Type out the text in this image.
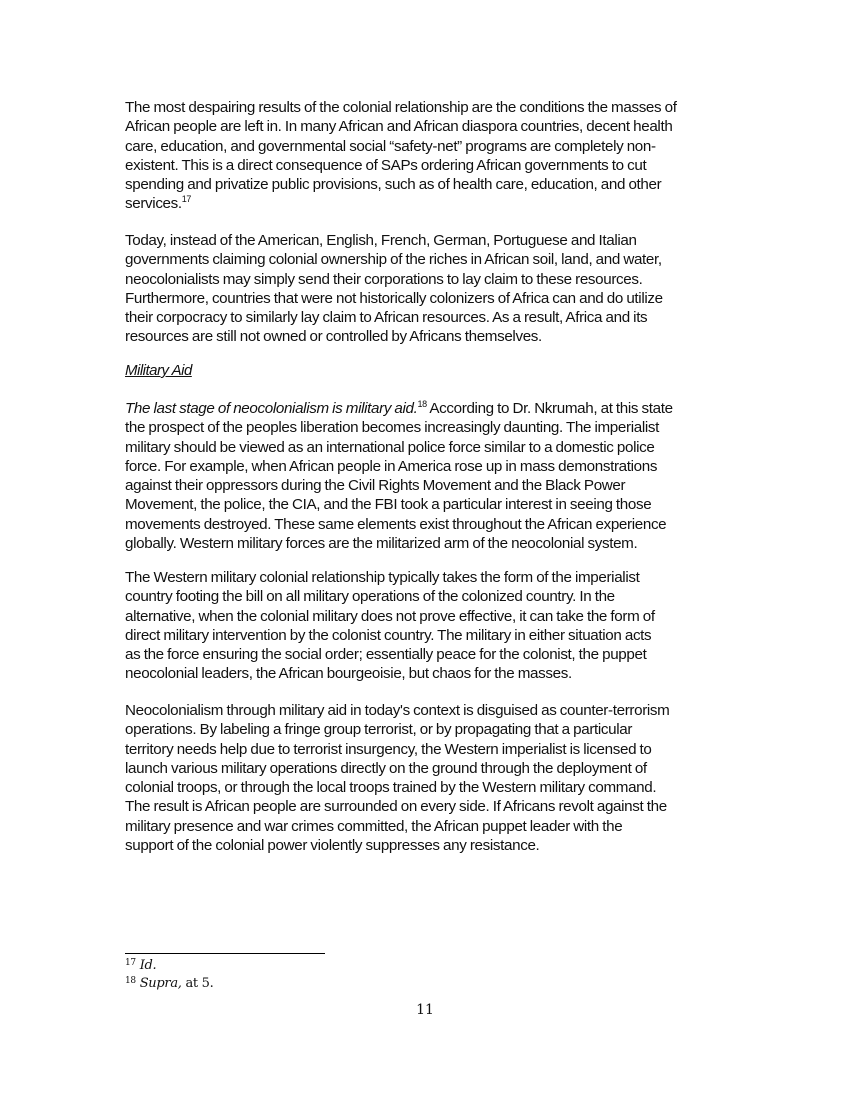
The most despairing results of the colonial relationship are the conditions the masses of
African people are left in. In many African and African diaspora countries, decent health
care, education, and governmental social “safety-net” programs are completely non-
existent. This is a direct consequence of SAPs ordering African governments to cut
spending and privatize public provisions, such as of health care, education, and other
services.$^{17}$
Today, instead of the American, English, French, German, Portuguese and Italian
governments claiming colonial ownership of the riches in African soil, land, and water,
neocolonialists may simply send their corporations to lay claim to these resources.
Furthermore, countries that were not historically colonizers of Africa can and do utilize
their corpocracy to similarly lay claim to African resources. As a result, Africa and its
resources are still not owned or controlled by Africans themselves.
Military Aid
The last stage of neocolonialism is military aid.$^{18}$ According to Dr. Nkrumah, at this state
the prospect of the peoples liberation becomes increasingly daunting. The imperialist
military should be viewed as an international police force similar to a domestic police
force. For example, when African people in America rose up in mass demonstrations
against their oppressors during the Civil Rights Movement and the Black Power
Movement, the police, the CIA, and the FBI took a particular interest in seeing those
movements destroyed. These same elements exist throughout the African experience
globally. Western military forces are the militarized arm of the neocolonial system.
The Western military colonial relationship typically takes the form of the imperialist
country footing the bill on all military operations of the colonized country. In the
alternative, when the colonial military does not prove effective, it can take the form of
direct military intervention by the colonist country. The military in either situation acts
as the force ensuring the social order; essentially peace for the colonist, the puppet
neocolonial leaders, the African bourgeoisie, but chaos for the masses.
Neocolonialism through military aid in today's context is disguised as counter-terrorism
operations. By labeling a fringe group terrorist, or by propagating that a particular
territory needs help due to terrorist insurgency, the Western imperialist is licensed to
launch various military operations directly on the ground through the deployment of
colonial troops, or through the local troops trained by the Western military command.
The result is African people are surrounded on every side. If Africans revolt against the
military presence and war crimes committed, the African puppet leader with the
support of the colonial power violently suppresses any resistance.
$^{17}$ Id.
$^{18}$ Supra, at 5.
11
